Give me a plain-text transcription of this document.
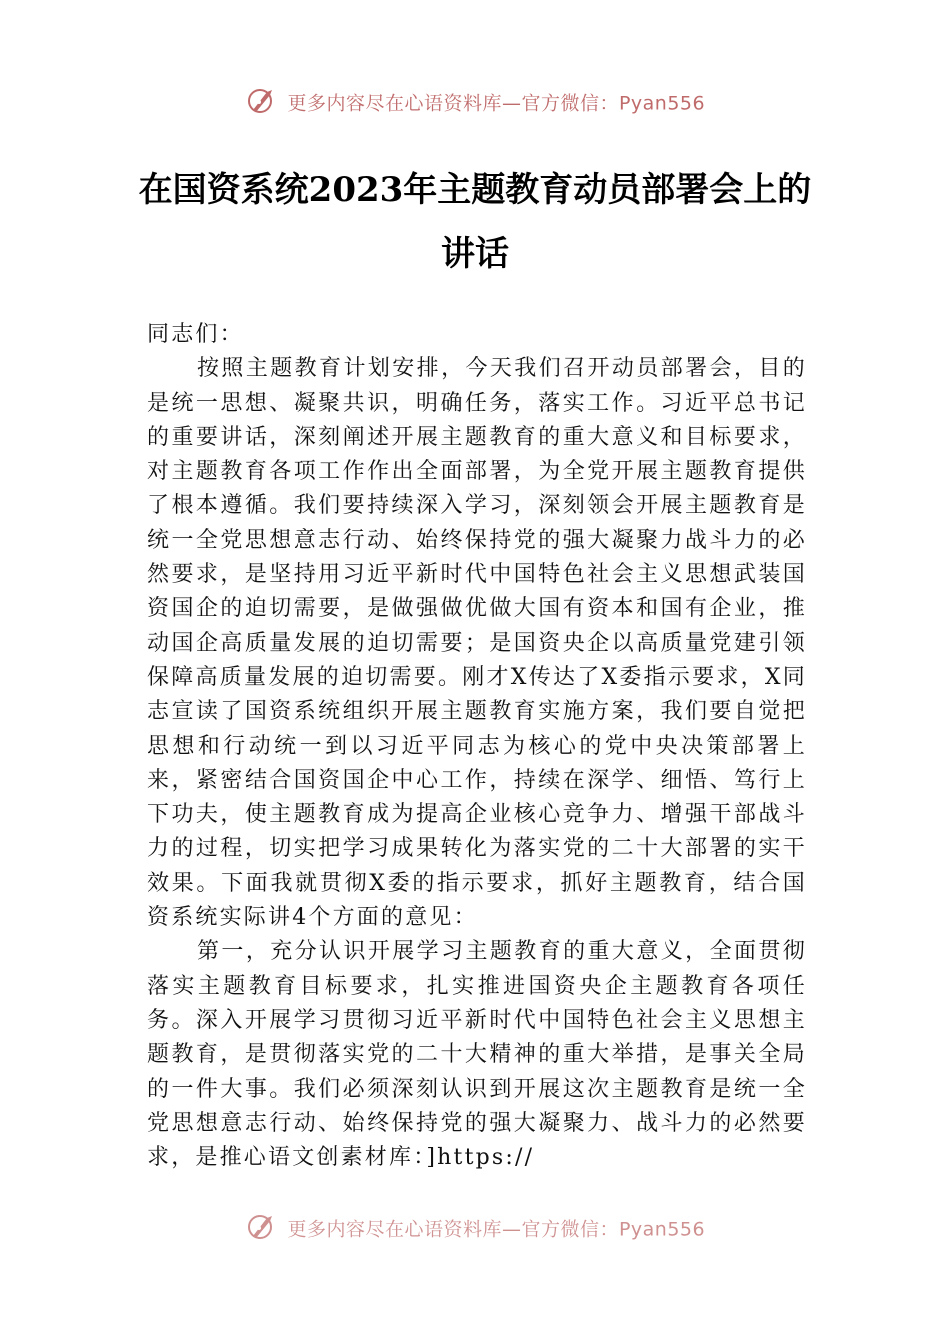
更多内容尽在心语资料库—官方微信：Pyan556
在国资系统2023年主题教育动员部署会上的讲话

同志们：

按照主题教育计划安排，今天我们召开动员部署会，目的是统一思想、凝聚共识，明确任务，落实工作。习近平总书记的重要讲话，深刻阐述开展主题教育的重大意义和目标要求，对主题教育各项工作作出全面部署，为全党开展主题教育提供了根本遵循。我们要持续深入学习，深刻领会开展主题教育是统一全党思想意志行动、始终保持党的强大凝聚力战斗力的必然要求，是坚持用习近平新时代中国特色社会主义思想武装国资国企的迫切需要，是做强做优做大国有资本和国有企业，推动国企高质量发展的迫切需要；是国资央企以高质量党建引领保障高质量发展的迫切需要。刚才X传达了X委指示要求，X同志宣读了国资系统组织开展主题教育实施方案，我们要自觉把思想和行动统一到以习近平同志为核心的党中央决策部署上来，紧密结合国资国企中心工作，持续在深学、细悟、笃行上下功夫，使主题教育成为提高企业核心竞争力、增强干部战斗力的过程，切实把学习成果转化为落实党的二十大部署的实干效果。下面我就贯彻X委的指示要求，抓好主题教育，结合国资系统实际讲4个方面的意见：

第一，充分认识开展学习主题教育的重大意义，全面贯彻落实主题教育目标要求，扎实推进国资央企主题教育各项任务。深入开展学习贯彻习近平新时代中国特色社会主义思想主题教育，是贯彻落实党的二十大精神的重大举措，是事关全局的一件大事。我们必须深刻认识到开展这次主题教育是统一全党思想意志行动、始终保持党的强大凝聚力、战斗力的必然要求，是推心语文创素材库：]https://

更多内容尽在心语资料库—官方微信：Pyan556
